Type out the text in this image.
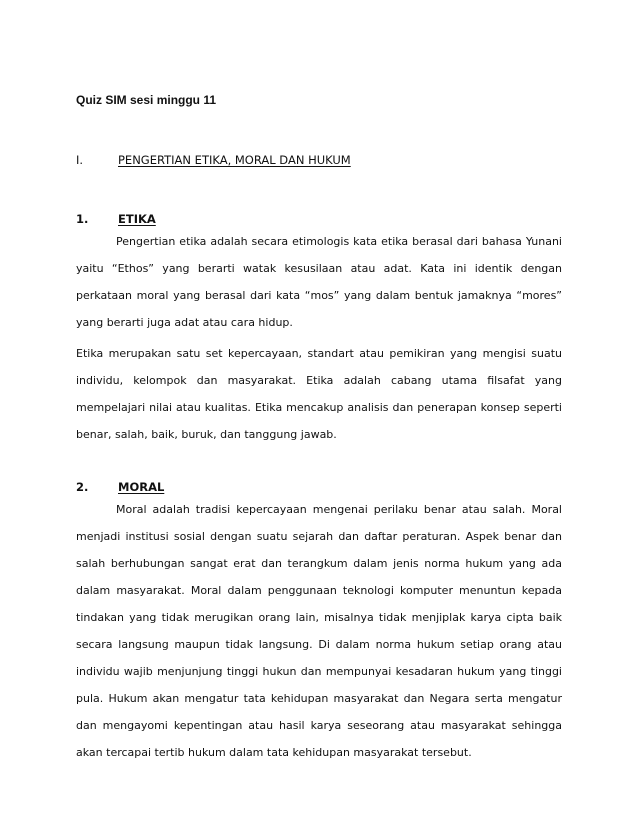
Quiz SIM sesi minggu 11

I.	PENGERTIAN ETIKA, MORAL DAN HUKUM

1.	ETIKA

Pengertian etika adalah secara etimologis kata etika berasal dari bahasa Yunani yaitu “Ethos” yang berarti watak kesusilaan atau adat. Kata ini identik dengan perkataan moral yang berasal dari kata “mos” yang dalam bentuk jamaknya “mores” yang berarti juga adat atau cara hidup.

Etika merupakan satu set kepercayaan, standart atau pemikiran yang mengisi suatu individu, kelompok dan masyarakat. Etika adalah cabang utama filsafat yang mempelajari nilai atau kualitas. Etika mencakup analisis dan penerapan konsep seperti benar, salah, baik, buruk, dan tanggung jawab.

2.	MORAL

Moral adalah tradisi kepercayaan mengenai perilaku benar atau salah. Moral menjadi institusi sosial dengan suatu sejarah dan daftar peraturan. Aspek benar dan salah berhubungan sangat erat dan terangkum dalam jenis norma hukum yang ada dalam masyarakat. Moral dalam penggunaan teknologi komputer menuntun kepada tindakan yang tidak merugikan orang lain, misalnya tidak menjiplak karya cipta baik secara langsung maupun tidak langsung. Di dalam norma hukum setiap orang atau individu wajib menjunjung tinggi hukun dan mempunyai kesadaran hukum yang tinggi pula. Hukum akan mengatur tata kehidupan masyarakat dan Negara serta mengatur dan mengayomi kepentingan atau hasil karya seseorang atau masyarakat sehingga akan tercapai tertib hukum dalam tata kehidupan masyarakat tersebut.
